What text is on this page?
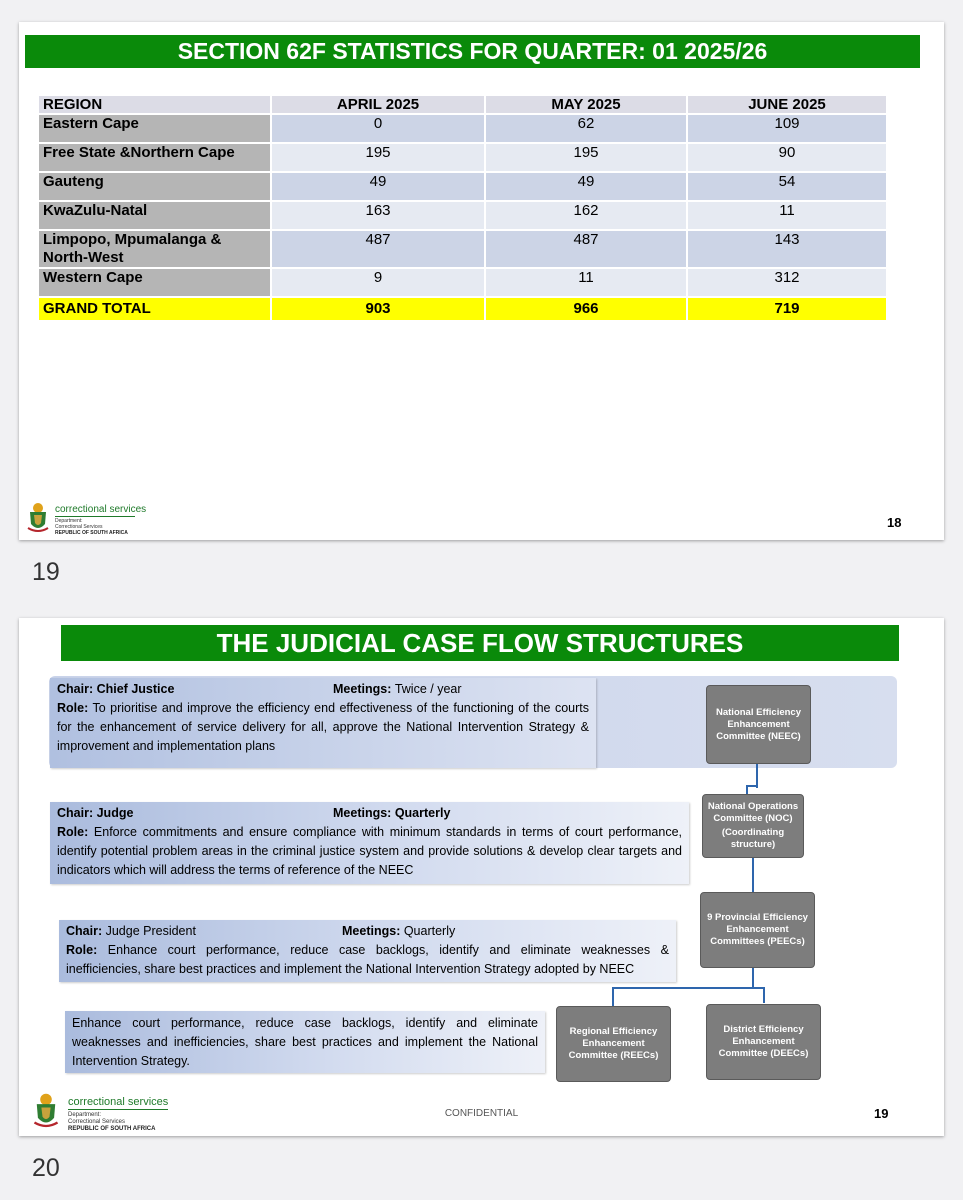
SECTION 62F STATISTICS FOR QUARTER: 01 2025/26
REGION	APRIL 2025	MAY 2025	JUNE 2025
Eastern Cape	0	62	109
Free State &Northern Cape	195	195	90
Gauteng	49	49	54
KwaZulu-Natal	163	162	11
Limpopo, Mpumalanga & North-West	487	487	143
Western Cape	9	11	312
GRAND TOTAL	903	966	719
correctional services
Department:
Correctional Services
REPUBLIC OF SOUTH AFRICA
18
19
THE JUDICIAL CASE FLOW STRUCTURES
Chair: Chief Justice	Meetings: Twice / year
Role: To prioritise and improve the efficiency end effectiveness of the functioning of the courts for the enhancement of service delivery for all, approve the National Intervention Strategy & improvement and implementation plans
Chair: Judge	Meetings: Quarterly
Role: Enforce commitments and ensure compliance with minimum standards in terms of court performance, identify potential problem areas in the criminal justice system and provide solutions & develop clear targets and indicators which will address the terms of reference of the NEEC
Chair: Judge President	Meetings: Quarterly
Role: Enhance court performance, reduce case backlogs, identify and eliminate weaknesses & inefficiencies, share best practices and implement the National Intervention Strategy adopted by NEEC
Enhance court performance, reduce case backlogs, identify and eliminate weaknesses and inefficiencies, share best practices and implement the National Intervention Strategy.
National Efficiency Enhancement Committee (NEEC)
National Operations Committee (NOC)
(Coordinating structure)
9 Provincial Efficiency Enhancement Committees (PEECs)
Regional Efficiency Enhancement Committee (REECs)
District Efficiency Enhancement Committee (DEECs)
correctional services
Department:
Correctional Services
REPUBLIC OF SOUTH AFRICA
CONFIDENTIAL	19
20
